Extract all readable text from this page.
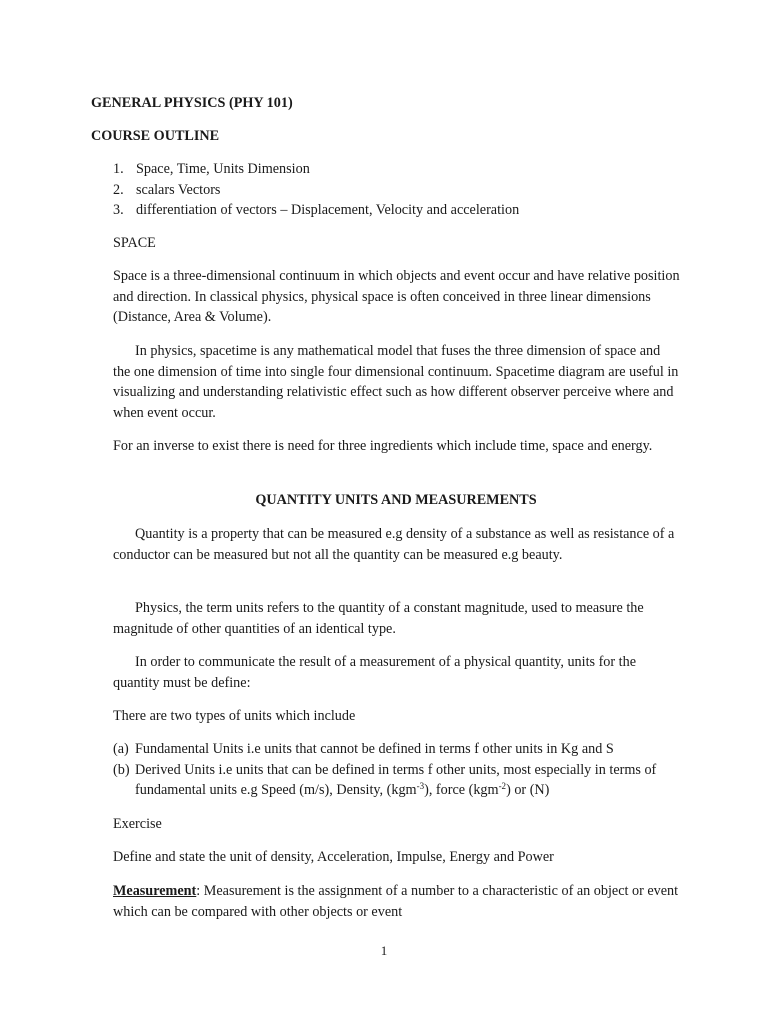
GENERAL PHYSICS (PHY 101)
COURSE OUTLINE
1. Space, Time, Units Dimension
2. scalars Vectors
3. differentiation of vectors – Displacement, Velocity and acceleration
SPACE

Space is a three-dimensional continuum in which objects and event occur and have relative position and direction. In classical physics, physical space is often conceived in three linear dimensions (Distance, Area & Volume).

In physics, spacetime is any mathematical model that fuses the three dimension of space and the one dimension of time into single four dimensional continuum. Spacetime diagram are useful in visualizing and understanding relativistic effect such as how different observer perceive where and when event occur.

For an inverse to exist there is need for three ingredients which include time, space and energy.

QUANTITY UNITS AND MEASUREMENTS

Quantity is a property that can be measured e.g density of a substance as well as resistance of a conductor can be measured but not all the quantity can be measured e.g beauty.

Physics, the term units refers to the quantity of a constant magnitude, used to measure the magnitude of other quantities of an identical type.

In order to communicate the result of a measurement of a physical quantity, units for the quantity must be define:

There are two types of units which include

(a) Fundamental Units i.e units that cannot be defined in terms f other units in Kg and S
(b) Derived Units i.e units that can be defined in terms f other units, most especially in terms of fundamental units e.g Speed (m/s), Density, (kgm$^{-3}$), force (kgm$^{-2}$) or (N)
Exercise

Define and state the unit of density, Acceleration, Impulse, Energy and Power

Measurement: Measurement is the assignment of a number to a characteristic of an object or event which can be compared with other objects or event

1
